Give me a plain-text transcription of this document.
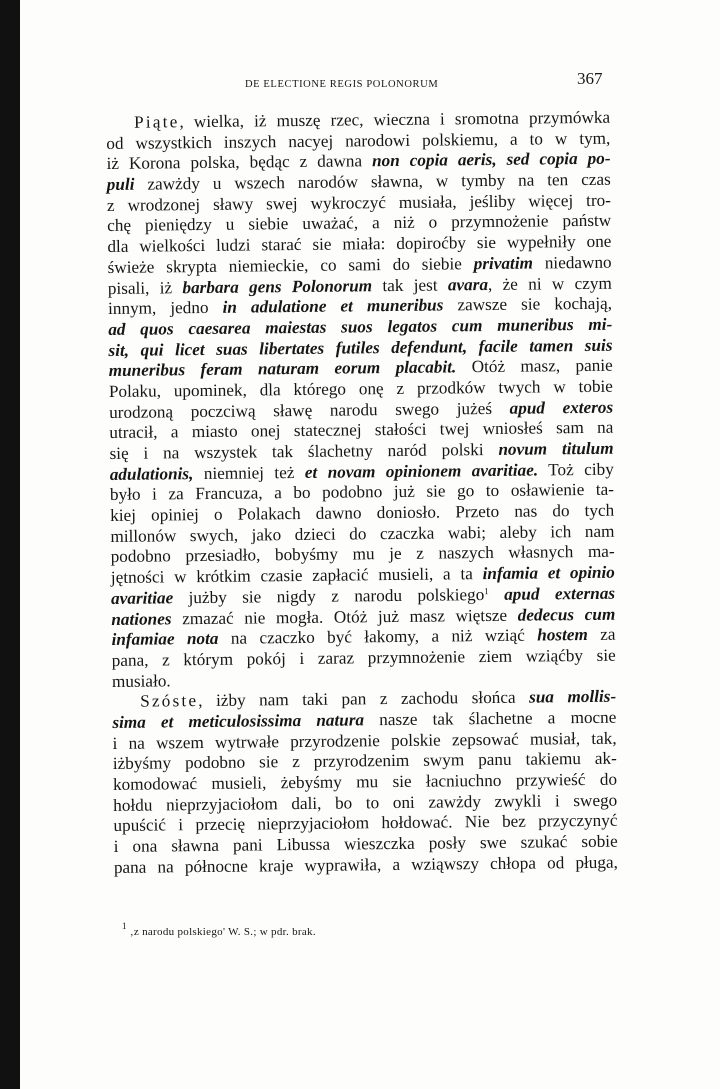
DE ELECTIONE REGIS POLONORUM	367
Piąte, wielka, iż muszę rzec, wieczna i sromotna przymówka
od wszystkich inszych nacyej narodowi polskiemu, a to w tym,
iż Korona polska, będąc z dawna non copia aeris, sed copia po-
puli zawżdy u wszech narodów sławna, w tymby na ten czas
z wrodzonej sławy swej wykroczyć musiała, jeśliby więcej tro-
chę pieniędzy u siebie uważać, a niż o przymnożenie państw
dla wielkości ludzi starać sie miała: dopiroćby sie wypełniły one
świeże skrypta niemieckie, co sami do siebie privatim niedawno
pisali, iż barbara gens Polonorum tak jest avara, że ni w czym
innym, jedno in adulatione et muneribus zawsze sie kochają,
ad quos caesarea maiestas suos legatos cum muneribus mi-
sit, qui licet suas libertates futiles defendunt, facile tamen suis
muneribus feram naturam eorum placabit. Otóż masz, panie
Polaku, upominek, dla którego onę z przodków twych w tobie
urodzoną poczciwą sławę narodu swego jużeś apud exteros
utracił, a miasto onej statecznej stałości twej wniosłeś sam na
się i na wszystek tak ślachetny naród polski novum titulum
adulationis, niemniej też et novam opinionem avaritiae. Toż ciby
było i za Francuza, a bo podobno już sie go to osławienie ta-
kiej opiniej o Polakach dawno doniosło. Przeto nas do tych
millonów swych, jako dzieci do czaczka wabi; aleby ich nam
podobno przesiadło, bobyśmy mu je z naszych własnych ma-
jętności w krótkim czasie zapłacić musieli, a ta infamia et opinio
avaritiae jużby sie nigdy z narodu polskiego$^1$ apud externas
nationes zmazać nie mogła. Otóż już masz więtsze dedecus cum
infamiae nota na czaczko być łakomy, a niż wziąć hostem za
pana, z którym pokój i zaraz przymnożenie ziem wziąćby sie
musiało.
Szóste, iżby nam taki pan z zachodu słońca sua mollis-
sima et meticulosissima natura nasze tak ślachetne a mocne
i na wszem wytrwałe przyrodzenie polskie zepsować musiał, tak,
iżbyśmy podobno sie z przyrodzenim swym panu takiemu ak-
komodować musieli, żebyśmy mu sie łacniuchno przywieść do
hołdu nieprzyjaciołom dali, bo to oni zawżdy zwykli i swego
upuścić i przecię nieprzyjaciołom hołdować. Nie bez przyczynyć
i ona sławna pani Libussa wieszczka posły swe szukać sobie
pana na północne kraje wyprawiła, a wziąwszy chłopa od pługa,
$^1$ ‚z narodu polskiego' W. S.; w pdr. brak.
